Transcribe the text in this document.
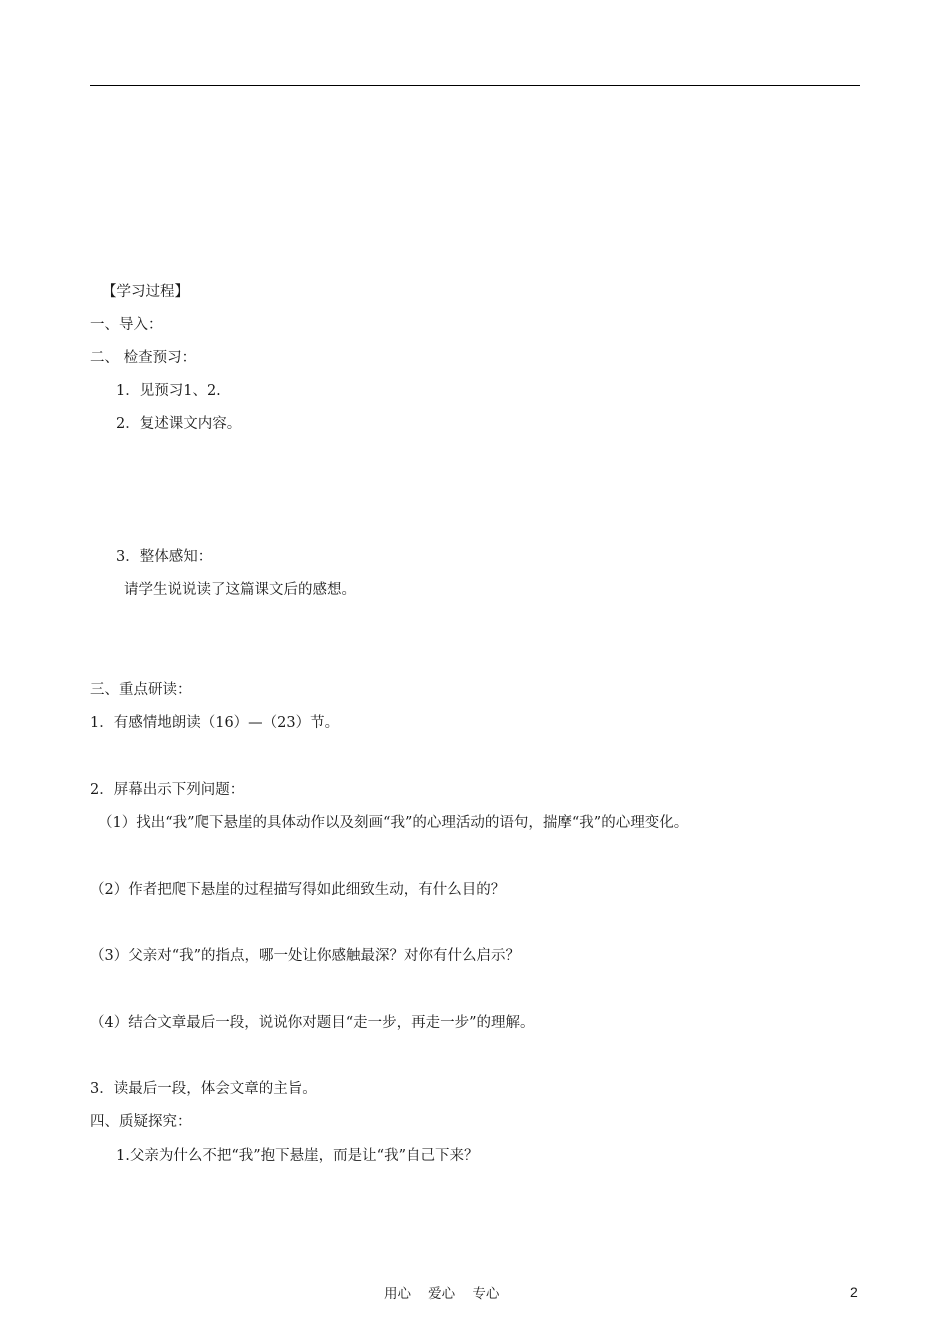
【学习过程】
一、导入：
二、 检查预习：
1．见预习1、2.
2．复述课文内容。
3．整体感知：
请学生说说读了这篇课文后的感想。
三、重点研读：
1．有感情地朗读（16）—（23）节。
2．屏幕出示下列问题：
（1）找出“我”爬下悬崖的具体动作以及刻画“我”的心理活动的语句，揣摩“我”的心理变化。
（2）作者把爬下悬崖的过程描写得如此细致生动，有什么目的？
（3）父亲对“我”的指点，哪一处让你感触最深？对你有什么启示？
（4）结合文章最后一段，说说你对题目“走一步，再走一步”的理解。
3．读最后一段，体会文章的主旨。
四、质疑探究：
1.父亲为什么不把“我”抱下悬崖，而是让“我”自己下来？
用心    爱心    专心	2
